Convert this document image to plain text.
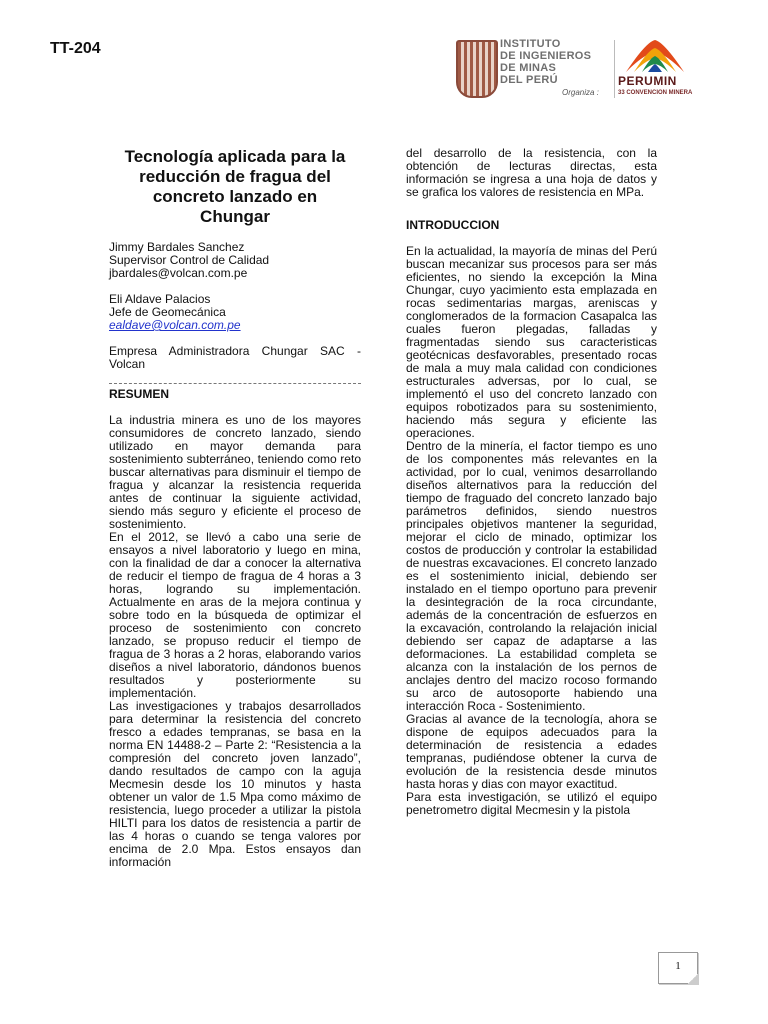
TT-204	INSTITUTO
DE INGENIEROS
DE MINAS
DEL PERÚ
Organiza :
PERUMIN
33 CONVENCION MINERA
Tecnología aplicada para la
reducción de fragua del
concreto lanzado en
Chungar
Jimmy Bardales Sanchez
Supervisor Control de Calidad
jbardales@volcan.com.pe
Eli Aldave Palacios
Jefe de Geomecánica
ealdave@volcan.com.pe

Empresa Administradora Chungar SAC - Volcan

RESUMEN

La industria minera es uno de los mayores consumidores de concreto lanzado, siendo utilizado en mayor demanda para sostenimiento subterráneo, teniendo como reto buscar alternativas para disminuir el tiempo de fragua y alcanzar la resistencia requerida antes de continuar la siguiente actividad, siendo más seguro y eficiente el proceso de sostenimiento.

En el 2012, se llevó a cabo una serie de ensayos a nivel laboratorio y luego en mina, con la finalidad de dar a conocer la alternativa de reducir el tiempo de fragua de 4 horas a 3 horas, logrando su implementación. Actualmente en aras de la mejora continua y sobre todo en la búsqueda de optimizar el proceso de sostenimiento con concreto lanzado, se propuso reducir el tiempo de fragua de 3 horas a 2 horas, elaborando varios diseños a nivel laboratorio, dándonos buenos resultados y posteriormente su implementación.

Las investigaciones y trabajos desarrollados para determinar la resistencia del concreto fresco a edades tempranas, se basa en la norma EN 14488-2 – Parte 2: “Resistencia a la compresión del concreto joven lanzado”, dando resultados de campo con la aguja Mecmesin desde los 10 minutos y hasta obtener un valor de 1.5 Mpa como máximo de resistencia, luego proceder a utilizar la pistola HILTI para los datos de resistencia a partir de las 4 horas o cuando se tenga valores por encima de 2.0 Mpa. Estos ensayos dan información

del desarrollo de la resistencia, con la obtención de lecturas directas, esta información se ingresa a una hoja de datos y se grafica los valores de resistencia en MPa.

INTRODUCCION

En la actualidad, la mayoría de minas del Perú buscan mecanizar sus procesos para ser más eficientes, no siendo la excepción la Mina Chungar, cuyo yacimiento esta emplazada en rocas sedimentarias margas, areniscas y conglomerados de la formacion Casapalca las cuales fueron plegadas, falladas y fragmentadas siendo sus caracteristicas geotécnicas desfavorables, presentado rocas de mala a muy mala calidad con condiciones estructurales adversas, por lo cual, se implementó el uso del concreto lanzado con equipos robotizados para su sostenimiento, haciendo más segura y eficiente las operaciones.

Dentro de la minería, el factor tiempo es uno de los componentes más relevantes en la actividad, por lo cual, venimos desarrollando diseños alternativos para la reducción del tiempo de fraguado del concreto lanzado bajo parámetros definidos, siendo nuestros principales objetivos mantener la seguridad, mejorar el ciclo de minado, optimizar los costos de producción y controlar la estabilidad de nuestras excavaciones. El concreto lanzado es el sostenimiento inicial, debiendo ser instalado en el tiempo oportuno para prevenir la desintegración de la roca circundante, además de la concentración de esfuerzos en la excavación, controlando la relajación inicial debiendo ser capaz de adaptarse a las deformaciones. La estabilidad completa se alcanza con la instalación de los pernos de anclajes dentro del macizo rocoso formando su arco de autosoporte habiendo una interacción Roca - Sostenimiento.

Gracias al avance de la tecnología, ahora se dispone de equipos adecuados para la determinación de resistencia a edades tempranas, pudiéndose obtener la curva de evolución de la resistencia desde minutos hasta horas y dias con mayor exactitud.

Para esta investigación, se utilizó el equipo penetrometro digital Mecmesin y la pistola

1
